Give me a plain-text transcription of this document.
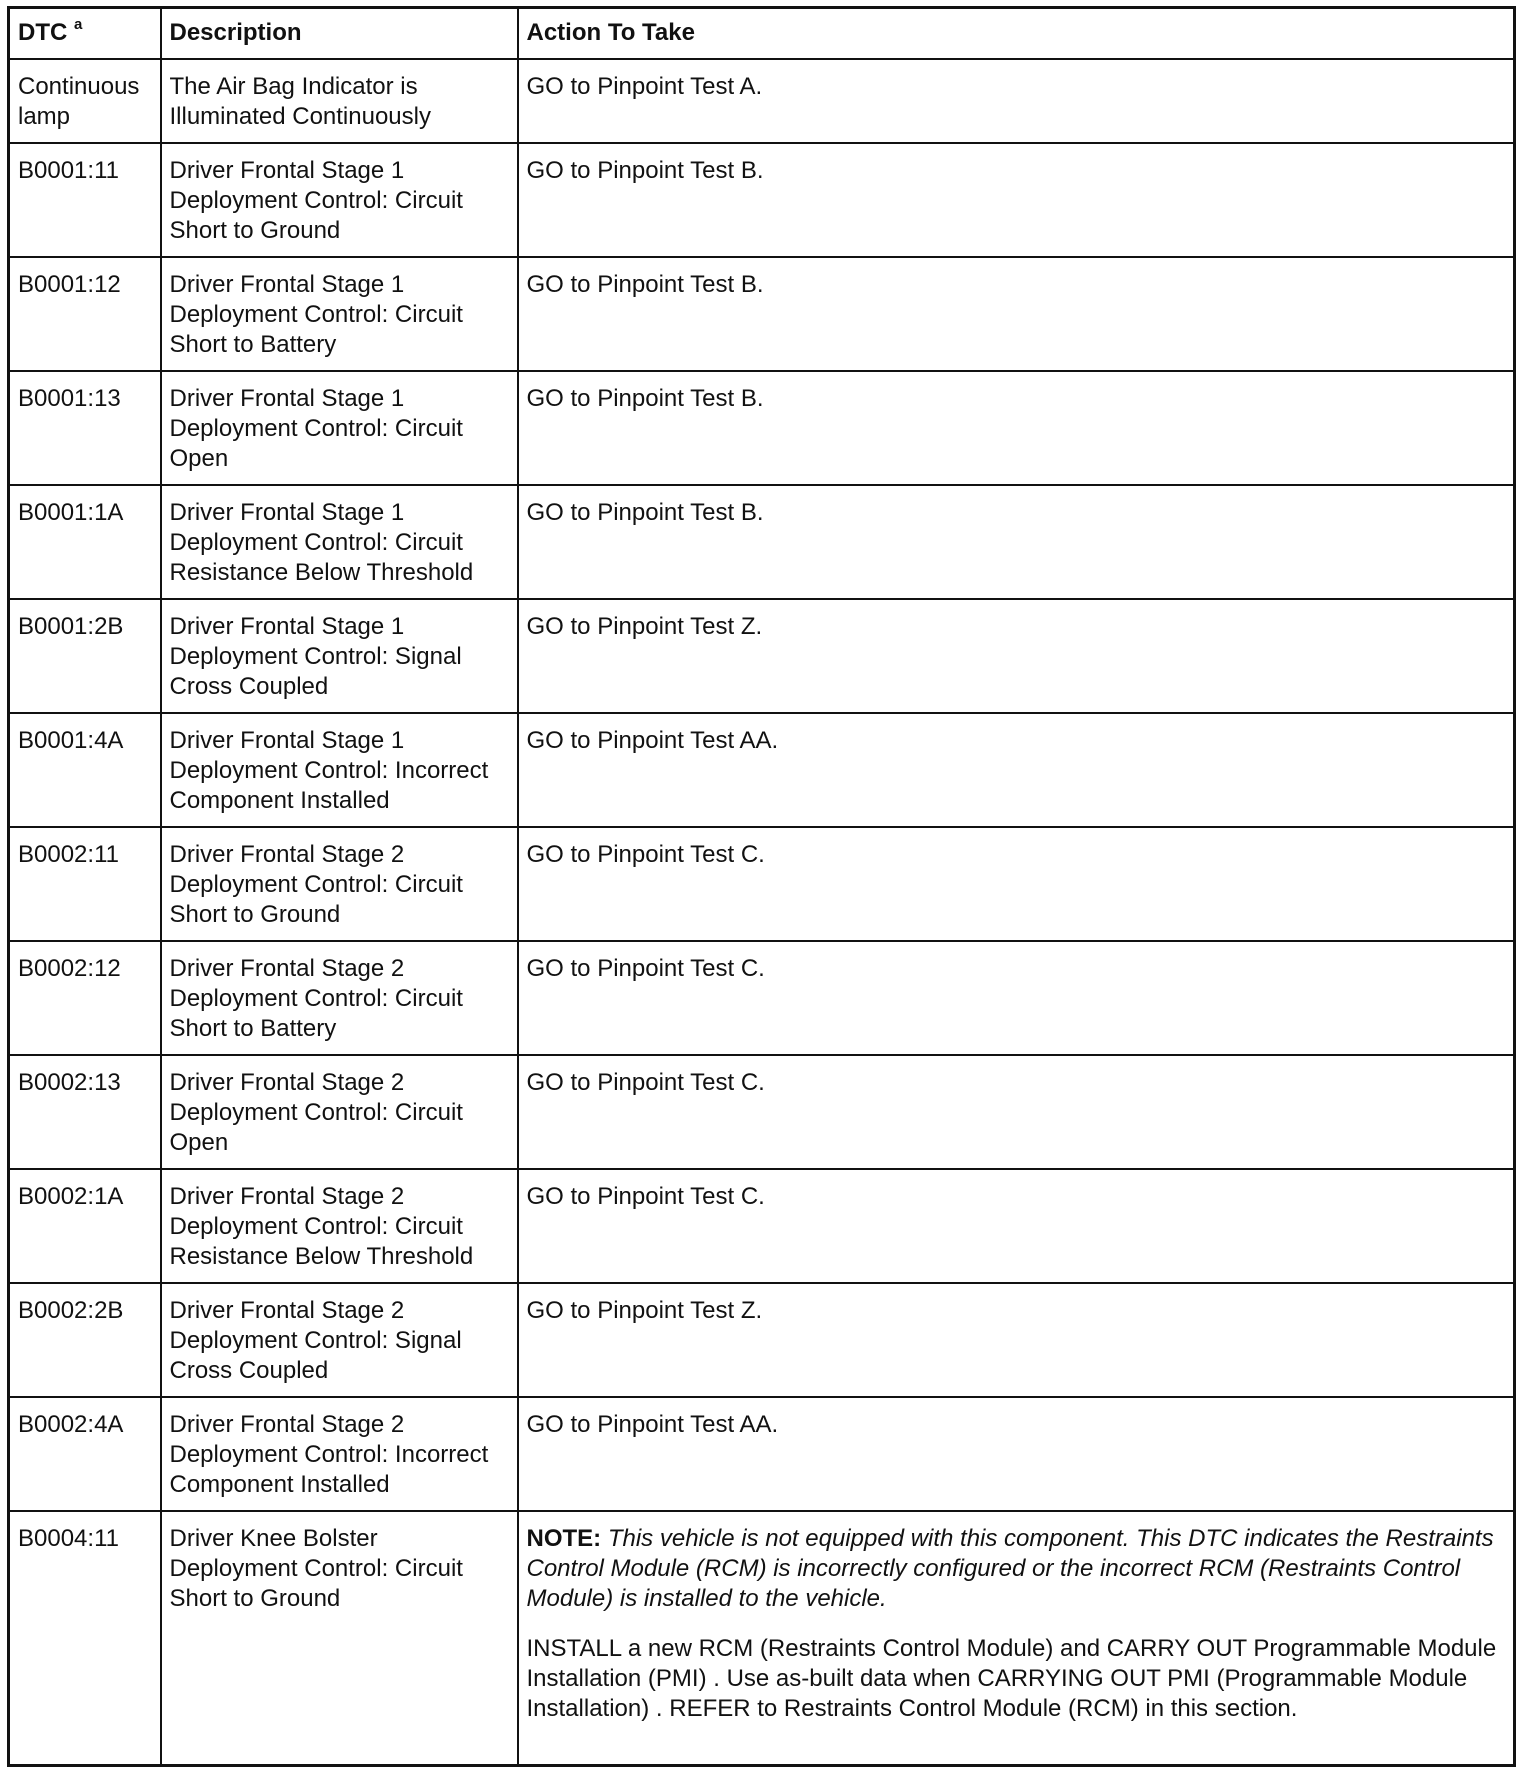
DTC $^a$	Description	Action To Take
Continuous lamp	The Air Bag Indicator is Illuminated Continuously	GO to Pinpoint Test A.
B0001:11	Driver Frontal Stage 1 Deployment Control: Circuit Short to Ground	GO to Pinpoint Test B.
B0001:12	Driver Frontal Stage 1 Deployment Control: Circuit Short to Battery	GO to Pinpoint Test B.
B0001:13	Driver Frontal Stage 1 Deployment Control: Circuit Open	GO to Pinpoint Test B.
B0001:1A	Driver Frontal Stage 1 Deployment Control: Circuit Resistance Below Threshold	GO to Pinpoint Test B.
B0001:2B	Driver Frontal Stage 1 Deployment Control: Signal Cross Coupled	GO to Pinpoint Test Z.
B0001:4A	Driver Frontal Stage 1 Deployment Control: Incorrect Component Installed	GO to Pinpoint Test AA.
B0002:11	Driver Frontal Stage 2 Deployment Control: Circuit Short to Ground	GO to Pinpoint Test C.
B0002:12	Driver Frontal Stage 2 Deployment Control: Circuit Short to Battery	GO to Pinpoint Test C.
B0002:13	Driver Frontal Stage 2 Deployment Control: Circuit Open	GO to Pinpoint Test C.
B0002:1A	Driver Frontal Stage 2 Deployment Control: Circuit Resistance Below Threshold	GO to Pinpoint Test C.
B0002:2B	Driver Frontal Stage 2 Deployment Control: Signal Cross Coupled	GO to Pinpoint Test Z.
B0002:4A	Driver Frontal Stage 2 Deployment Control: Incorrect Component Installed	GO to Pinpoint Test AA.
B0004:11	Driver Knee Bolster Deployment Control: Circuit Short to Ground	NOTE: This vehicle is not equipped with this component. This DTC indicates the Restraints Control Module (RCM) is incorrectly configured or the incorrect RCM (Restraints Control Module) is installed to the vehicle.

INSTALL a new RCM (Restraints Control Module) and CARRY OUT Programmable Module Installation (PMI) . Use as-built data when CARRYING OUT PMI (Programmable Module Installation) . REFER to Restraints Control Module (RCM) in this section.
